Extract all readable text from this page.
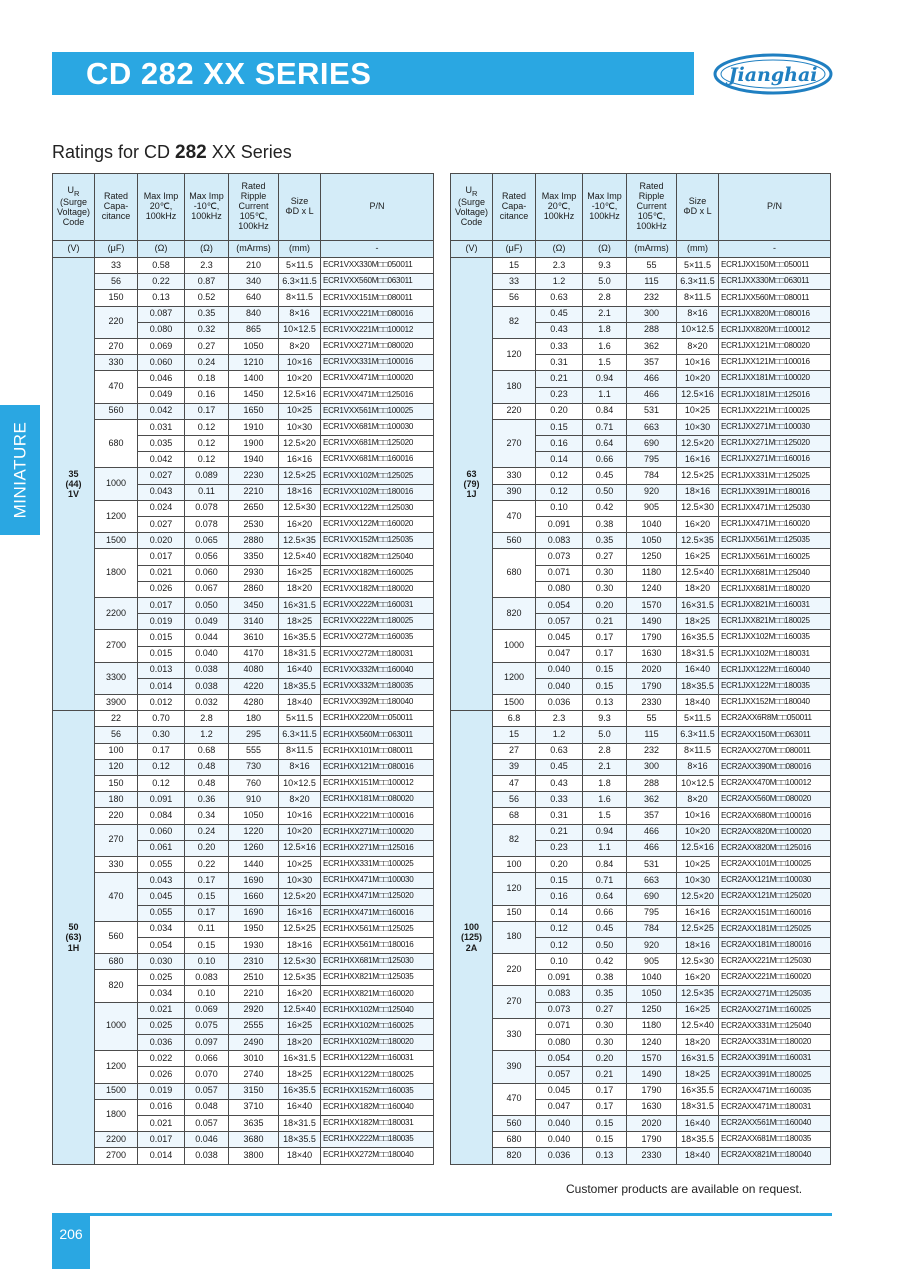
CD 282 XX SERIES	Jianghai
Ratings for CD 282 XX Series
MINIATURE
$U_R$
(Surge
Voltage)
Code	Rated
Capa-
citance	Max Imp
20℃,
100kHz	Max Imp
-10℃,
100kHz	Rated
Ripple
Current
105℃,
100kHz	Size
ΦD x L	P/N
(V)	(μF)	(Ω)	(Ω)	(mArms)	(mm)	-
35
(44)
1V	33	0.58	2.3	210	5×11.5	ECR1VXX330M□□050011
	56	0.22	0.87	340	6.3×11.5	ECR1VXX560M□□063011
	150	0.13	0.52	640	8×11.5	ECR1VXX151M□□080011
	220	0.087	0.35	840	8×16	ECR1VXX221M□□080016
		0.080	0.32	865	10×12.5	ECR1VXX221M□□100012
	270	0.069	0.27	1050	8×20	ECR1VXX271M□□080020
	330	0.060	0.24	1210	10×16	ECR1VXX331M□□100016
	470	0.046	0.18	1400	10×20	ECR1VXX471M□□100020
		0.049	0.16	1450	12.5×16	ECR1VXX471M□□125016
	560	0.042	0.17	1650	10×25	ECR1VXX561M□□100025
	680	0.031	0.12	1910	10×30	ECR1VXX681M□□100030
		0.035	0.12	1900	12.5×20	ECR1VXX681M□□125020
		0.042	0.12	1940	16×16	ECR1VXX681M□□160016
	1000	0.027	0.089	2230	12.5×25	ECR1VXX102M□□125025
		0.043	0.11	2210	18×16	ECR1VXX102M□□180016
	1200	0.024	0.078	2650	12.5×30	ECR1VXX122M□□125030
		0.027	0.078	2530	16×20	ECR1VXX122M□□160020
	1500	0.020	0.065	2880	12.5×35	ECR1VXX152M□□125035
	1800	0.017	0.056	3350	12.5×40	ECR1VXX182M□□125040
		0.021	0.060	2930	16×25	ECR1VXX182M□□160025
		0.026	0.067	2860	18×20	ECR1VXX182M□□180020
	2200	0.017	0.050	3450	16×31.5	ECR1VXX222M□□160031
		0.019	0.049	3140	18×25	ECR1VXX222M□□180025
	2700	0.015	0.044	3610	16×35.5	ECR1VXX272M□□160035
		0.015	0.040	4170	18×31.5	ECR1VXX272M□□180031
	3300	0.013	0.038	4080	16×40	ECR1VXX332M□□160040
		0.014	0.038	4220	18×35.5	ECR1VXX332M□□180035
	3900	0.012	0.032	4280	18×40	ECR1VXX392M□□180040
50
(63)
1H	22	0.70	2.8	180	5×11.5	ECR1HXX220M□□050011
	56	0.30	1.2	295	6.3×11.5	ECR1HXX560M□□063011
	100	0.17	0.68	555	8×11.5	ECR1HXX101M□□080011
	120	0.12	0.48	730	8×16	ECR1HXX121M□□080016
	150	0.12	0.48	760	10×12.5	ECR1HXX151M□□100012
	180	0.091	0.36	910	8×20	ECR1HXX181M□□080020
	220	0.084	0.34	1050	10×16	ECR1HXX221M□□100016
	270	0.060	0.24	1220	10×20	ECR1HXX271M□□100020
		0.061	0.20	1260	12.5×16	ECR1HXX271M□□125016
	330	0.055	0.22	1440	10×25	ECR1HXX331M□□100025
	470	0.043	0.17	1690	10×30	ECR1HXX471M□□100030
		0.045	0.15	1660	12.5×20	ECR1HXX471M□□125020
		0.055	0.17	1690	16×16	ECR1HXX471M□□160016
	560	0.034	0.11	1950	12.5×25	ECR1HXX561M□□125025
		0.054	0.15	1930	18×16	ECR1HXX561M□□180016
	680	0.030	0.10	2310	12.5×30	ECR1HXX681M□□125030
	820	0.025	0.083	2510	12.5×35	ECR1HXX821M□□125035
		0.034	0.10	2210	16×20	ECR1HXX821M□□160020
	1000	0.021	0.069	2920	12.5×40	ECR1HXX102M□□125040
		0.025	0.075	2555	16×25	ECR1HXX102M□□160025
		0.036	0.097	2490	18×20	ECR1HXX102M□□180020
	1200	0.022	0.066	3010	16×31.5	ECR1HXX122M□□160031
		0.026	0.070	2740	18×25	ECR1HXX122M□□180025
	1500	0.019	0.057	3150	16×35.5	ECR1HXX152M□□160035
	1800	0.016	0.048	3710	16×40	ECR1HXX182M□□160040
		0.021	0.057	3635	18×31.5	ECR1HXX182M□□180031
	2200	0.017	0.046	3680	18×35.5	ECR1HXX222M□□180035
	2700	0.014	0.038	3800	18×40	ECR1HXX272M□□180040
$U_R$
(Surge
Voltage)
Code	Rated
Capa-
citance	Max Imp
20℃,
100kHz	Max Imp
-10℃,
100kHz	Rated
Ripple
Current
105℃,
100kHz	Size
ΦD x L	P/N
(V)	(μF)	(Ω)	(Ω)	(mArms)	(mm)	-
63
(79)
1J	15	2.3	9.3	55	5×11.5	ECR1JXX150M□□050011
	33	1.2	5.0	115	6.3×11.5	ECR1JXX330M□□063011
	56	0.63	2.8	232	8×11.5	ECR1JXX560M□□080011
	82	0.45	2.1	300	8×16	ECR1JXX820M□□080016
		0.43	1.8	288	10×12.5	ECR1JXX820M□□100012
	120	0.33	1.6	362	8×20	ECR1JXX121M□□080020
		0.31	1.5	357	10×16	ECR1JXX121M□□100016
	180	0.21	0.94	466	10×20	ECR1JXX181M□□100020
		0.23	1.1	466	12.5×16	ECR1JXX181M□□125016
	220	0.20	0.84	531	10×25	ECR1JXX221M□□100025
	270	0.15	0.71	663	10×30	ECR1JXX271M□□100030
		0.16	0.64	690	12.5×20	ECR1JXX271M□□125020
		0.14	0.66	795	16×16	ECR1JXX271M□□160016
	330	0.12	0.45	784	12.5×25	ECR1JXX331M□□125025
	390	0.12	0.50	920	18×16	ECR1JXX391M□□180016
	470	0.10	0.42	905	12.5×30	ECR1JXX471M□□125030
		0.091	0.38	1040	16×20	ECR1JXX471M□□160020
	560	0.083	0.35	1050	12.5×35	ECR1JXX561M□□125035
	680	0.073	0.27	1250	16×25	ECR1JXX561M□□160025
		0.071	0.30	1180	12.5×40	ECR1JXX681M□□125040
		0.080	0.30	1240	18×20	ECR1JXX681M□□180020
	820	0.054	0.20	1570	16×31.5	ECR1JXX821M□□160031
		0.057	0.21	1490	18×25	ECR1JXX821M□□180025
	1000	0.045	0.17	1790	16×35.5	ECR1JXX102M□□160035
		0.047	0.17	1630	18×31.5	ECR1JXX102M□□180031
	1200	0.040	0.15	2020	16×40	ECR1JXX122M□□160040
		0.040	0.15	1790	18×35.5	ECR1JXX122M□□180035
	1500	0.036	0.13	2330	18×40	ECR1JXX152M□□180040
100
(125)
2A	6.8	2.3	9.3	55	5×11.5	ECR2AXX6R8M□□050011
	15	1.2	5.0	115	6.3×11.5	ECR2AXX150M□□063011
	27	0.63	2.8	232	8×11.5	ECR2AXX270M□□080011
	39	0.45	2.1	300	8×16	ECR2AXX390M□□080016
	47	0.43	1.8	288	10×12.5	ECR2AXX470M□□100012
	56	0.33	1.6	362	8×20	ECR2AXX560M□□080020
	68	0.31	1.5	357	10×16	ECR2AXX680M□□100016
	82	0.21	0.94	466	10×20	ECR2AXX820M□□100020
		0.23	1.1	466	12.5×16	ECR2AXX820M□□125016
	100	0.20	0.84	531	10×25	ECR2AXX101M□□100025
	120	0.15	0.71	663	10×30	ECR2AXX121M□□100030
		0.16	0.64	690	12.5×20	ECR2AXX121M□□125020
	150	0.14	0.66	795	16×16	ECR2AXX151M□□160016
	180	0.12	0.45	784	12.5×25	ECR2AXX181M□□125025
		0.12	0.50	920	18×16	ECR2AXX181M□□180016
	220	0.10	0.42	905	12.5×30	ECR2AXX221M□□125030
		0.091	0.38	1040	16×20	ECR2AXX221M□□160020
	270	0.083	0.35	1050	12.5×35	ECR2AXX271M□□125035
		0.073	0.27	1250	16×25	ECR2AXX271M□□160025
	330	0.071	0.30	1180	12.5×40	ECR2AXX331M□□125040
		0.080	0.30	1240	18×20	ECR2AXX331M□□180020
	390	0.054	0.20	1570	16×31.5	ECR2AXX391M□□160031
		0.057	0.21	1490	18×25	ECR2AXX391M□□180025
	470	0.045	0.17	1790	16×35.5	ECR2AXX471M□□160035
		0.047	0.17	1630	18×31.5	ECR2AXX471M□□180031
	560	0.040	0.15	2020	16×40	ECR2AXX561M□□160040
	680	0.040	0.15	1790	18×35.5	ECR2AXX681M□□180035
	820	0.036	0.13	2330	18×40	ECR2AXX821M□□180040
Customer products are available on request.
206
